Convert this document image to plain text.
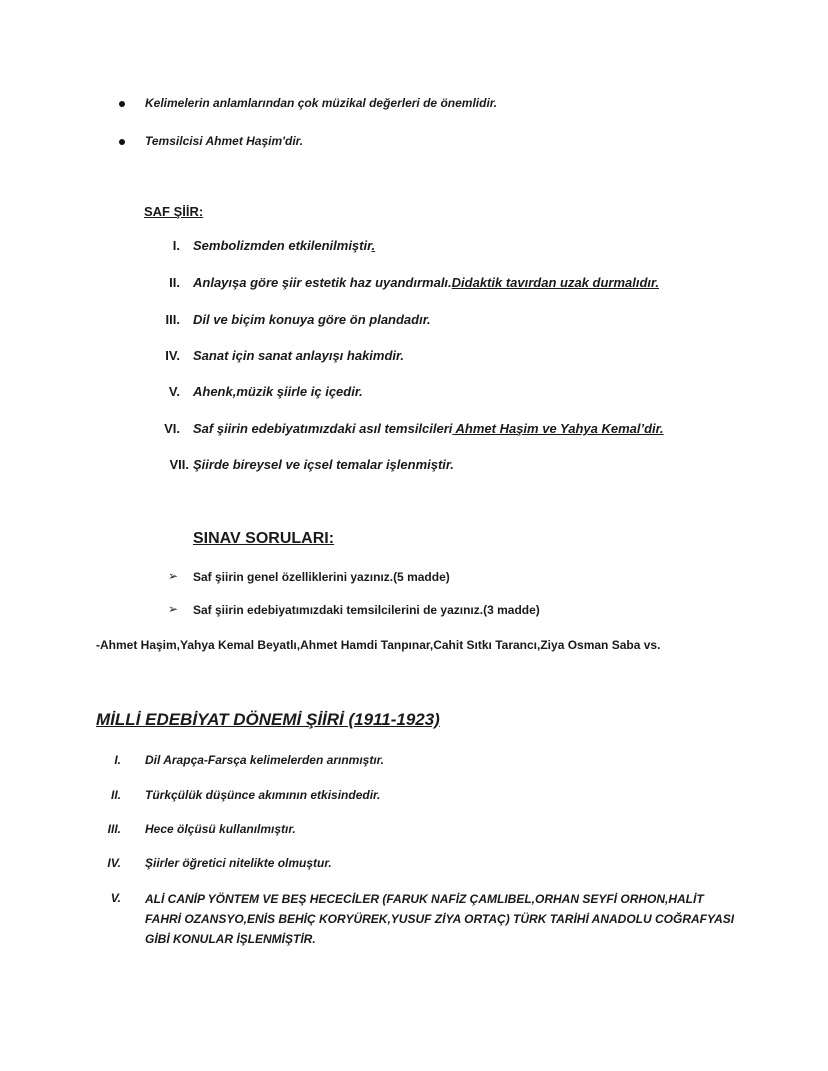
Kelimelerin anlamlarından çok müzikal değerleri de önemlidir.
Temsilcisi Ahmet Haşim'dir.
SAF ŞİİR:
I. Sembolizmden etkilenilmiştir.
II. Anlayışa göre şiir estetik haz uyandırmalı.Didaktik tavırdan uzak durmalıdır.
III. Dil ve biçim konuya göre ön plandadır.
IV. Sanat için sanat anlayışı hakimdir.
V. Ahenk,müzik şiirle iç içedir.
VI. Saf şiirin edebiyatımızdaki asıl temsilcileri Ahmet Haşim ve Yahya Kemal’dir.
VII. Şiirde bireysel ve içsel temalar işlenmiştir.
SINAV SORULARI:
➢ Saf şiirin genel özelliklerini yazınız.(5 madde)
➢ Saf şiirin edebiyatımızdaki temsilcilerini de yazınız.(3 madde)
-Ahmet Haşim,Yahya Kemal Beyatlı,Ahmet Hamdi Tanpınar,Cahit Sıtkı Tarancı,Ziya Osman Saba vs.
MİLLİ EDEBİYAT DÖNEMİ ŞİİRİ (1911-1923)
I. Dil Arapça-Farsça kelimelerden arınmıştır.
II. Türkçülük düşünce akımının etkisindedir.
III. Hece ölçüsü kullanılmıştır.
IV. Şiirler öğretici nitelikte olmuştur.
V. ALİ CANİP YÖNTEM VE BEŞ HECECİLER (FARUK NAFİZ ÇAMLIBEL,ORHAN SEYFİ ORHON,HALİT FAHRİ OZANSYO,ENİS BEHİÇ KORYÜREK,YUSUF ZİYA ORTAÇ) TÜRK TARİHİ ANADOLU COĞRAFYASI GİBİ KONULAR İŞLENMİŞTİR.
